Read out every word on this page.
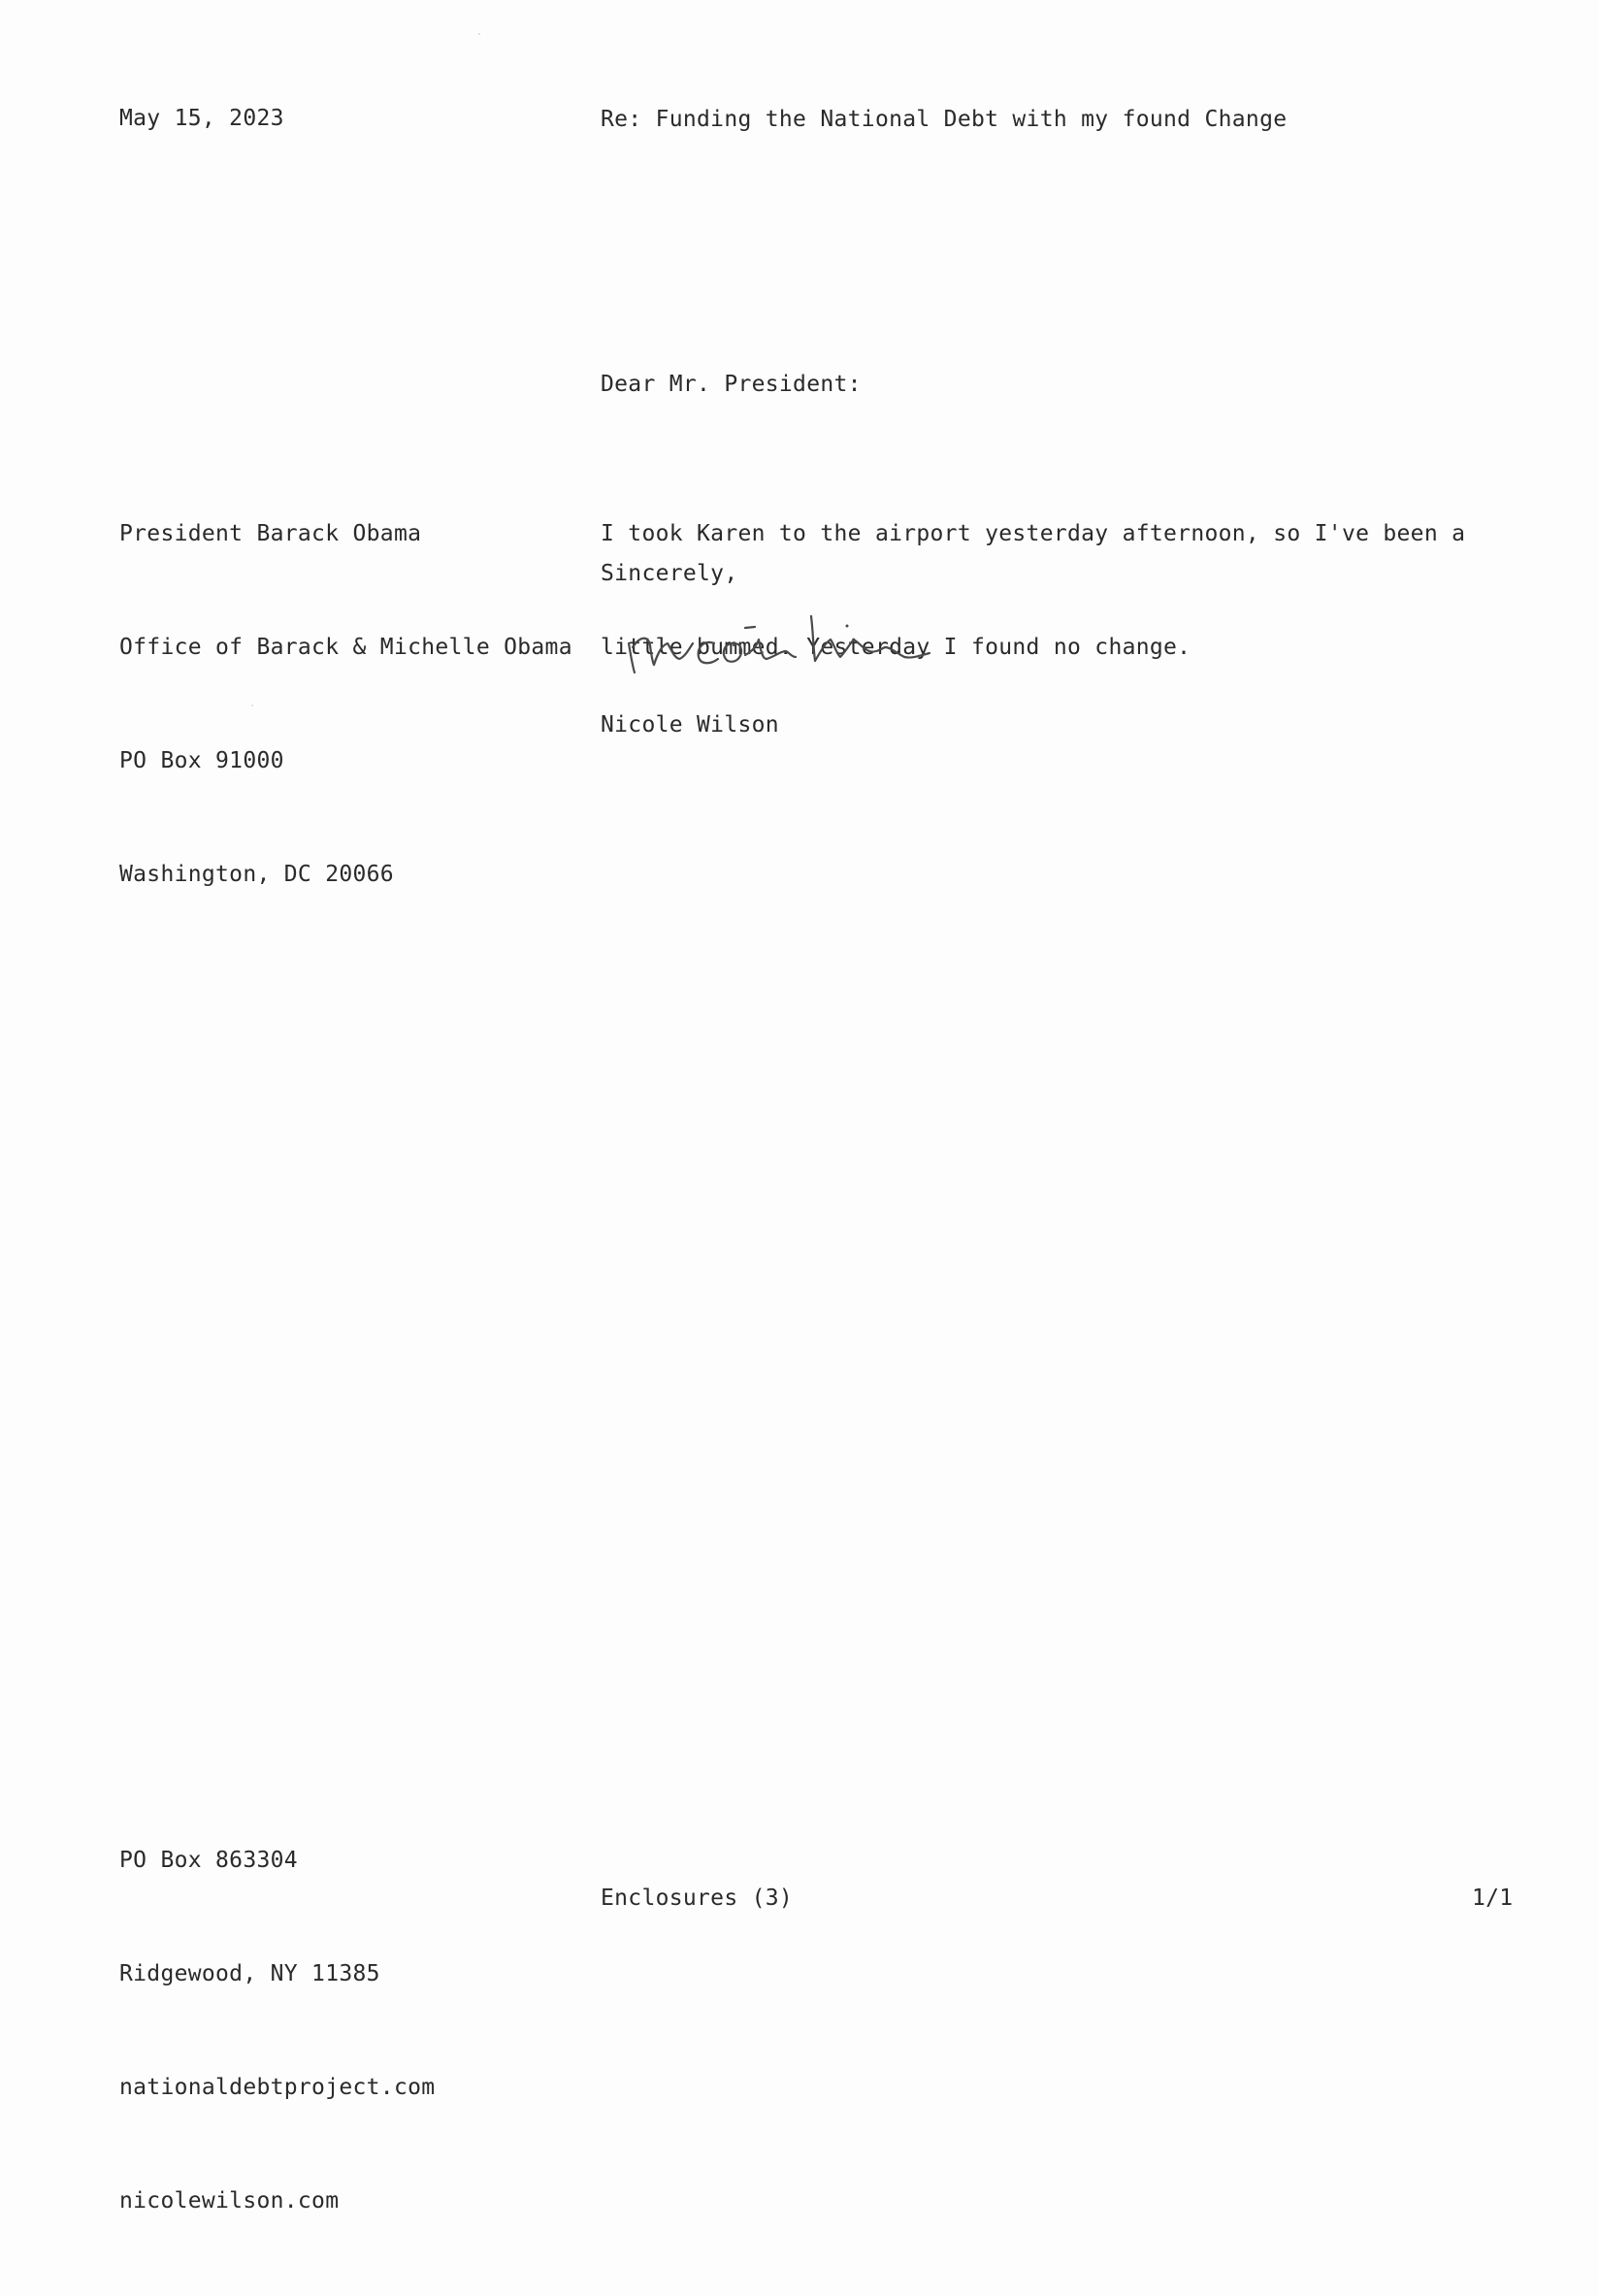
May 15, 2023	Re: Funding the National Debt with my found Change
Dear Mr. President:

President Barack Obama

Office of Barack & Michelle Obama

PO Box 91000

Washington, DC 20066

I took Karen to the airport yesterday afternoon, so I've been a

little bummed. Yesterday I found no change.

Sincerely,
Nicole Wilson

PO Box 863304

Ridgewood, NY 11385

nationaldebtproject.com

nicolewilson.com

Enclosures (3)	1/1
